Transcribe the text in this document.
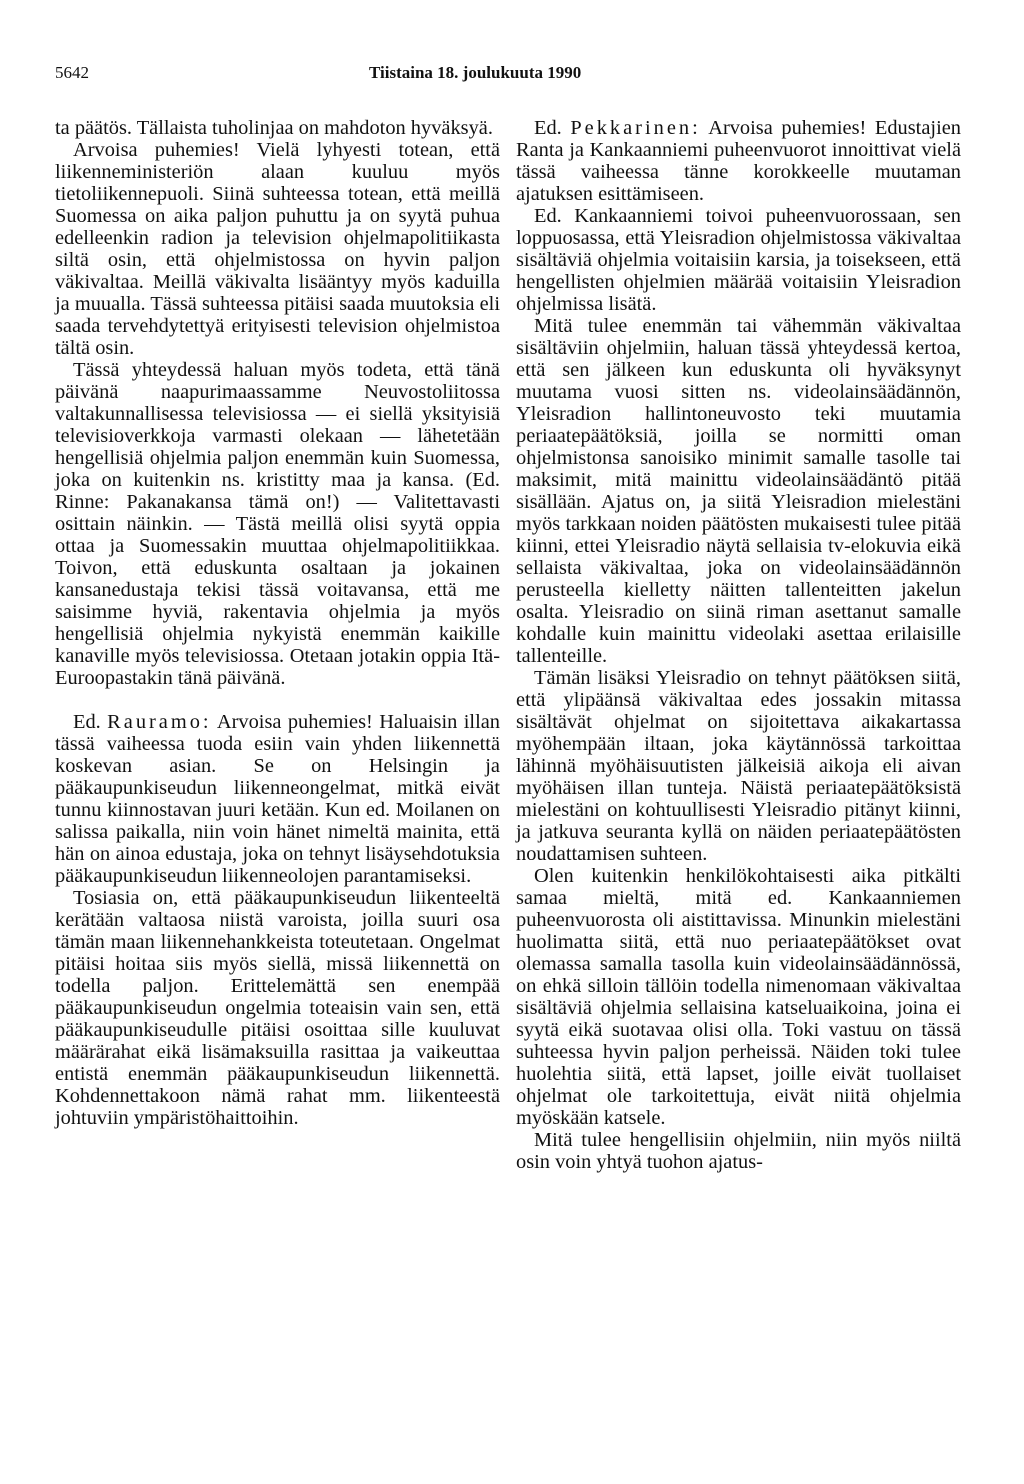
5642	Tiistaina 18. joulukuuta 1990

ta päätös. Tällaista tuholinjaa on mahdoton hyväksyä.

Arvoisa puhemies! Vielä lyhyesti totean, että liikenneministeriön alaan kuuluu myös tietoliikennepuoli. Siinä suhteessa totean, että meillä Suomessa on aika paljon puhuttu ja on syytä puhua edelleenkin radion ja television ohjelmapolitiikasta siltä osin, että ohjelmistossa on hyvin paljon väkivaltaa. Meillä väkivalta lisääntyy myös kaduilla ja muualla. Tässä suhteessa pitäisi saada muutoksia eli saada tervehdytettyä erityisesti television ohjelmistoa tältä osin.

Tässä yhteydessä haluan myös todeta, että tänä päivänä naapurimaassamme Neuvostoliitossa valtakunnallisessa televisiossa — ei siellä yksityisiä televisioverkkoja varmasti olekaan — lähetetään hengellisiä ohjelmia paljon enemmän kuin Suomessa, joka on kuitenkin ns. kristitty maa ja kansa. (Ed. Rinne: Pakanakansa tämä on!) — Valitettavasti osittain näinkin. — Tästä meillä olisi syytä oppia ottaa ja Suomessakin muuttaa ohjelmapolitiikkaa. Toivon, että eduskunta osaltaan ja jokainen kansanedustaja tekisi tässä voitavansa, että me saisimme hyviä, rakentavia ohjelmia ja myös hengellisiä ohjelmia nykyistä enemmän kaikille kanaville myös televisiossa. Otetaan jotakin oppia Itä-Euroopastakin tänä päivänä.

Ed. Rauramo: Arvoisa puhemies! Haluaisin illan tässä vaiheessa tuoda esiin vain yhden liikennettä koskevan asian. Se on Helsingin ja pääkaupunkiseudun liikenneongelmat, mitkä eivät tunnu kiinnostavan juuri ketään. Kun ed. Moilanen on salissa paikalla, niin voin hänet nimeltä mainita, että hän on ainoa edustaja, joka on tehnyt lisäysehdotuksia pääkaupunkiseudun liikenneolojen parantamiseksi.

Tosiasia on, että pääkaupunkiseudun liikenteeltä kerätään valtaosa niistä varoista, joilla suuri osa tämän maan liikennehankkeista toteutetaan. Ongelmat pitäisi hoitaa siis myös siellä, missä liikennettä on todella paljon. Erittelemättä sen enempää pääkaupunkiseudun ongelmia toteaisin vain sen, että pääkaupunkiseudulle pitäisi osoittaa sille kuuluvat määrärahat eikä lisämaksuilla rasittaa ja vaikeuttaa entistä enemmän pääkaupunkiseudun liikennettä. Kohdennettakoon nämä rahat mm. liikenteestä johtuviin ympäristöhaittoihin.

Ed. Pekkarinen: Arvoisa puhemies! Edustajien Ranta ja Kankaanniemi puheenvuorot innoittivat vielä tässä vaiheessa tänne korokkeelle muutaman ajatuksen esittämiseen.

Ed. Kankaanniemi toivoi puheenvuorossaan, sen loppuosassa, että Yleisradion ohjelmistossa väkivaltaa sisältäviä ohjelmia voitaisiin karsia, ja toisekseen, että hengellisten ohjelmien määrää voitaisiin Yleisradion ohjelmissa lisätä.

Mitä tulee enemmän tai vähemmän väkivaltaa sisältäviin ohjelmiin, haluan tässä yhteydessä kertoa, että sen jälkeen kun eduskunta oli hyväksynyt muutama vuosi sitten ns. videolainsäädännön, Yleisradion hallintoneuvosto teki muutamia periaatepäätöksiä, joilla se normitti oman ohjelmistonsa sanoisiko minimit samalle tasolle tai maksimit, mitä mainittu videolainsäädäntö pitää sisällään. Ajatus on, ja siitä Yleisradion mielestäni myös tarkkaan noiden päätösten mukaisesti tulee pitää kiinni, ettei Yleisradio näytä sellaisia tv-elokuvia eikä sellaista väkivaltaa, joka on videolainsäädännön perusteella kielletty näitten tallenteitten jakelun osalta. Yleisradio on siinä riman asettanut samalle kohdalle kuin mainittu videolaki asettaa erilaisille tallenteille.

Tämän lisäksi Yleisradio on tehnyt päätöksen siitä, että ylipäänsä väkivaltaa edes jossakin mitassa sisältävät ohjelmat on sijoitettava aikakartassa myöhempään iltaan, joka käytännössä tarkoittaa lähinnä myöhäisuutisten jälkeisiä aikoja eli aivan myöhäisen illan tunteja. Näistä periaatepäätöksistä mielestäni on kohtuullisesti Yleisradio pitänyt kiinni, ja jatkuva seuranta kyllä on näiden periaatepäätösten noudattamisen suhteen.

Olen kuitenkin henkilökohtaisesti aika pitkälti samaa mieltä, mitä ed. Kankaanniemen puheenvuorosta oli aistittavissa. Minunkin mielestäni huolimatta siitä, että nuo periaatepäätökset ovat olemassa samalla tasolla kuin videolainsäädännössä, on ehkä silloin tällöin todella nimenomaan väkivaltaa sisältäviä ohjelmia sellaisina katseluaikoina, joina ei syytä eikä suotavaa olisi olla. Toki vastuu on tässä suhteessa hyvin paljon perheissä. Näiden toki tulee huolehtia siitä, että lapset, joille eivät tuollaiset ohjelmat ole tarkoitettuja, eivät niitä ohjelmia myöskään katsele.

Mitä tulee hengellisiin ohjelmiin, niin myös niiltä osin voin yhtyä tuohon ajatus-
